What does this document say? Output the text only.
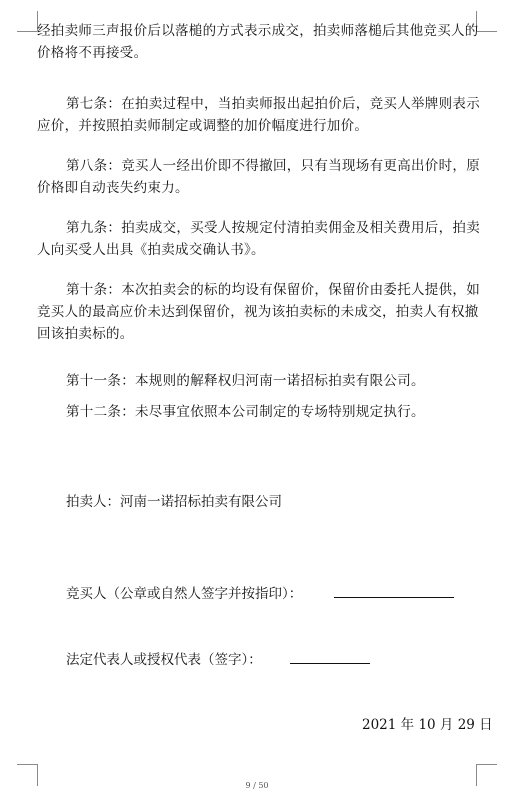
经拍卖师三声报价后以落槌的方式表示成交，拍卖师落槌后其他竞买人的价格将不再接受。

第七条：在拍卖过程中，当拍卖师报出起拍价后，竞买人举牌则表示应价，并按照拍卖师制定或调整的加价幅度进行加价。

第八条：竞买人一经出价即不得撤回，只有当现场有更高出价时，原价格即自动丧失约束力。

第九条：拍卖成交，买受人按规定付清拍卖佣金及相关费用后，拍卖人向买受人出具《拍卖成交确认书》。

第十条：本次拍卖会的标的均设有保留价，保留价由委托人提供，如竞买人的最高应价未达到保留价，视为该拍卖标的未成交，拍卖人有权撤回该拍卖标的。

第十一条：本规则的解释权归河南一诺招标拍卖有限公司。

第十二条：未尽事宜依照本公司制定的专场特别规定执行。

拍卖人：河南一诺招标拍卖有限公司
竞买人（公章或自然人签字并按指印）：
法定代表人或授权代表（签字）：
2021 年 10 月 29 日
9 / 50
